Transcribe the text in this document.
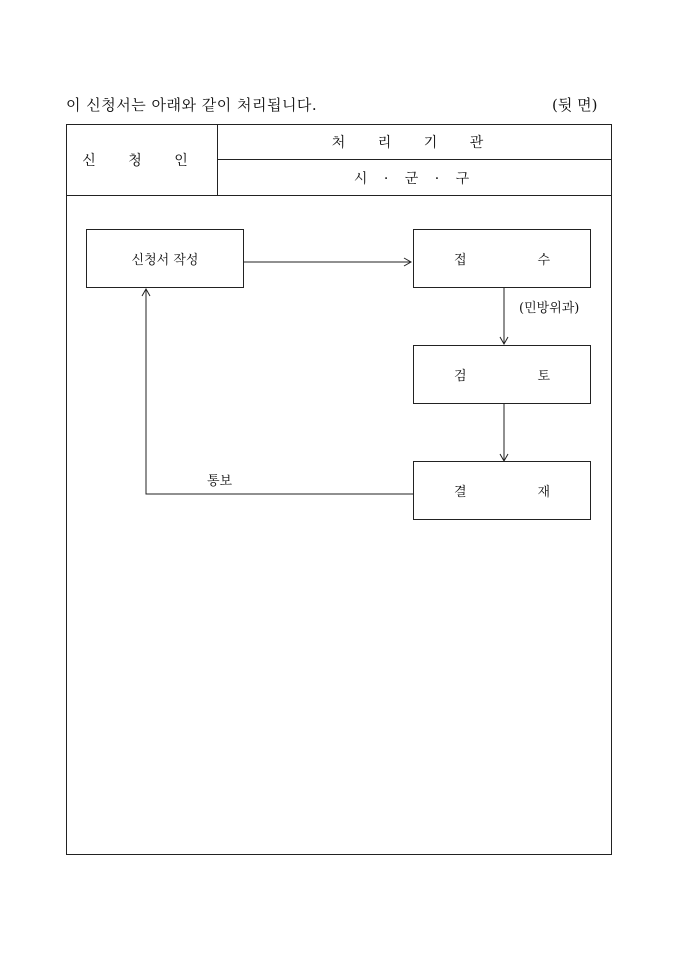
이 신청서는 아래와 같이 처리됩니다.	(뒷 면)
신 청 인
처 리 기 관
시 · 군 · 구
신청서 작성	접	수
(민방위과)
검	토
결	재
통보
